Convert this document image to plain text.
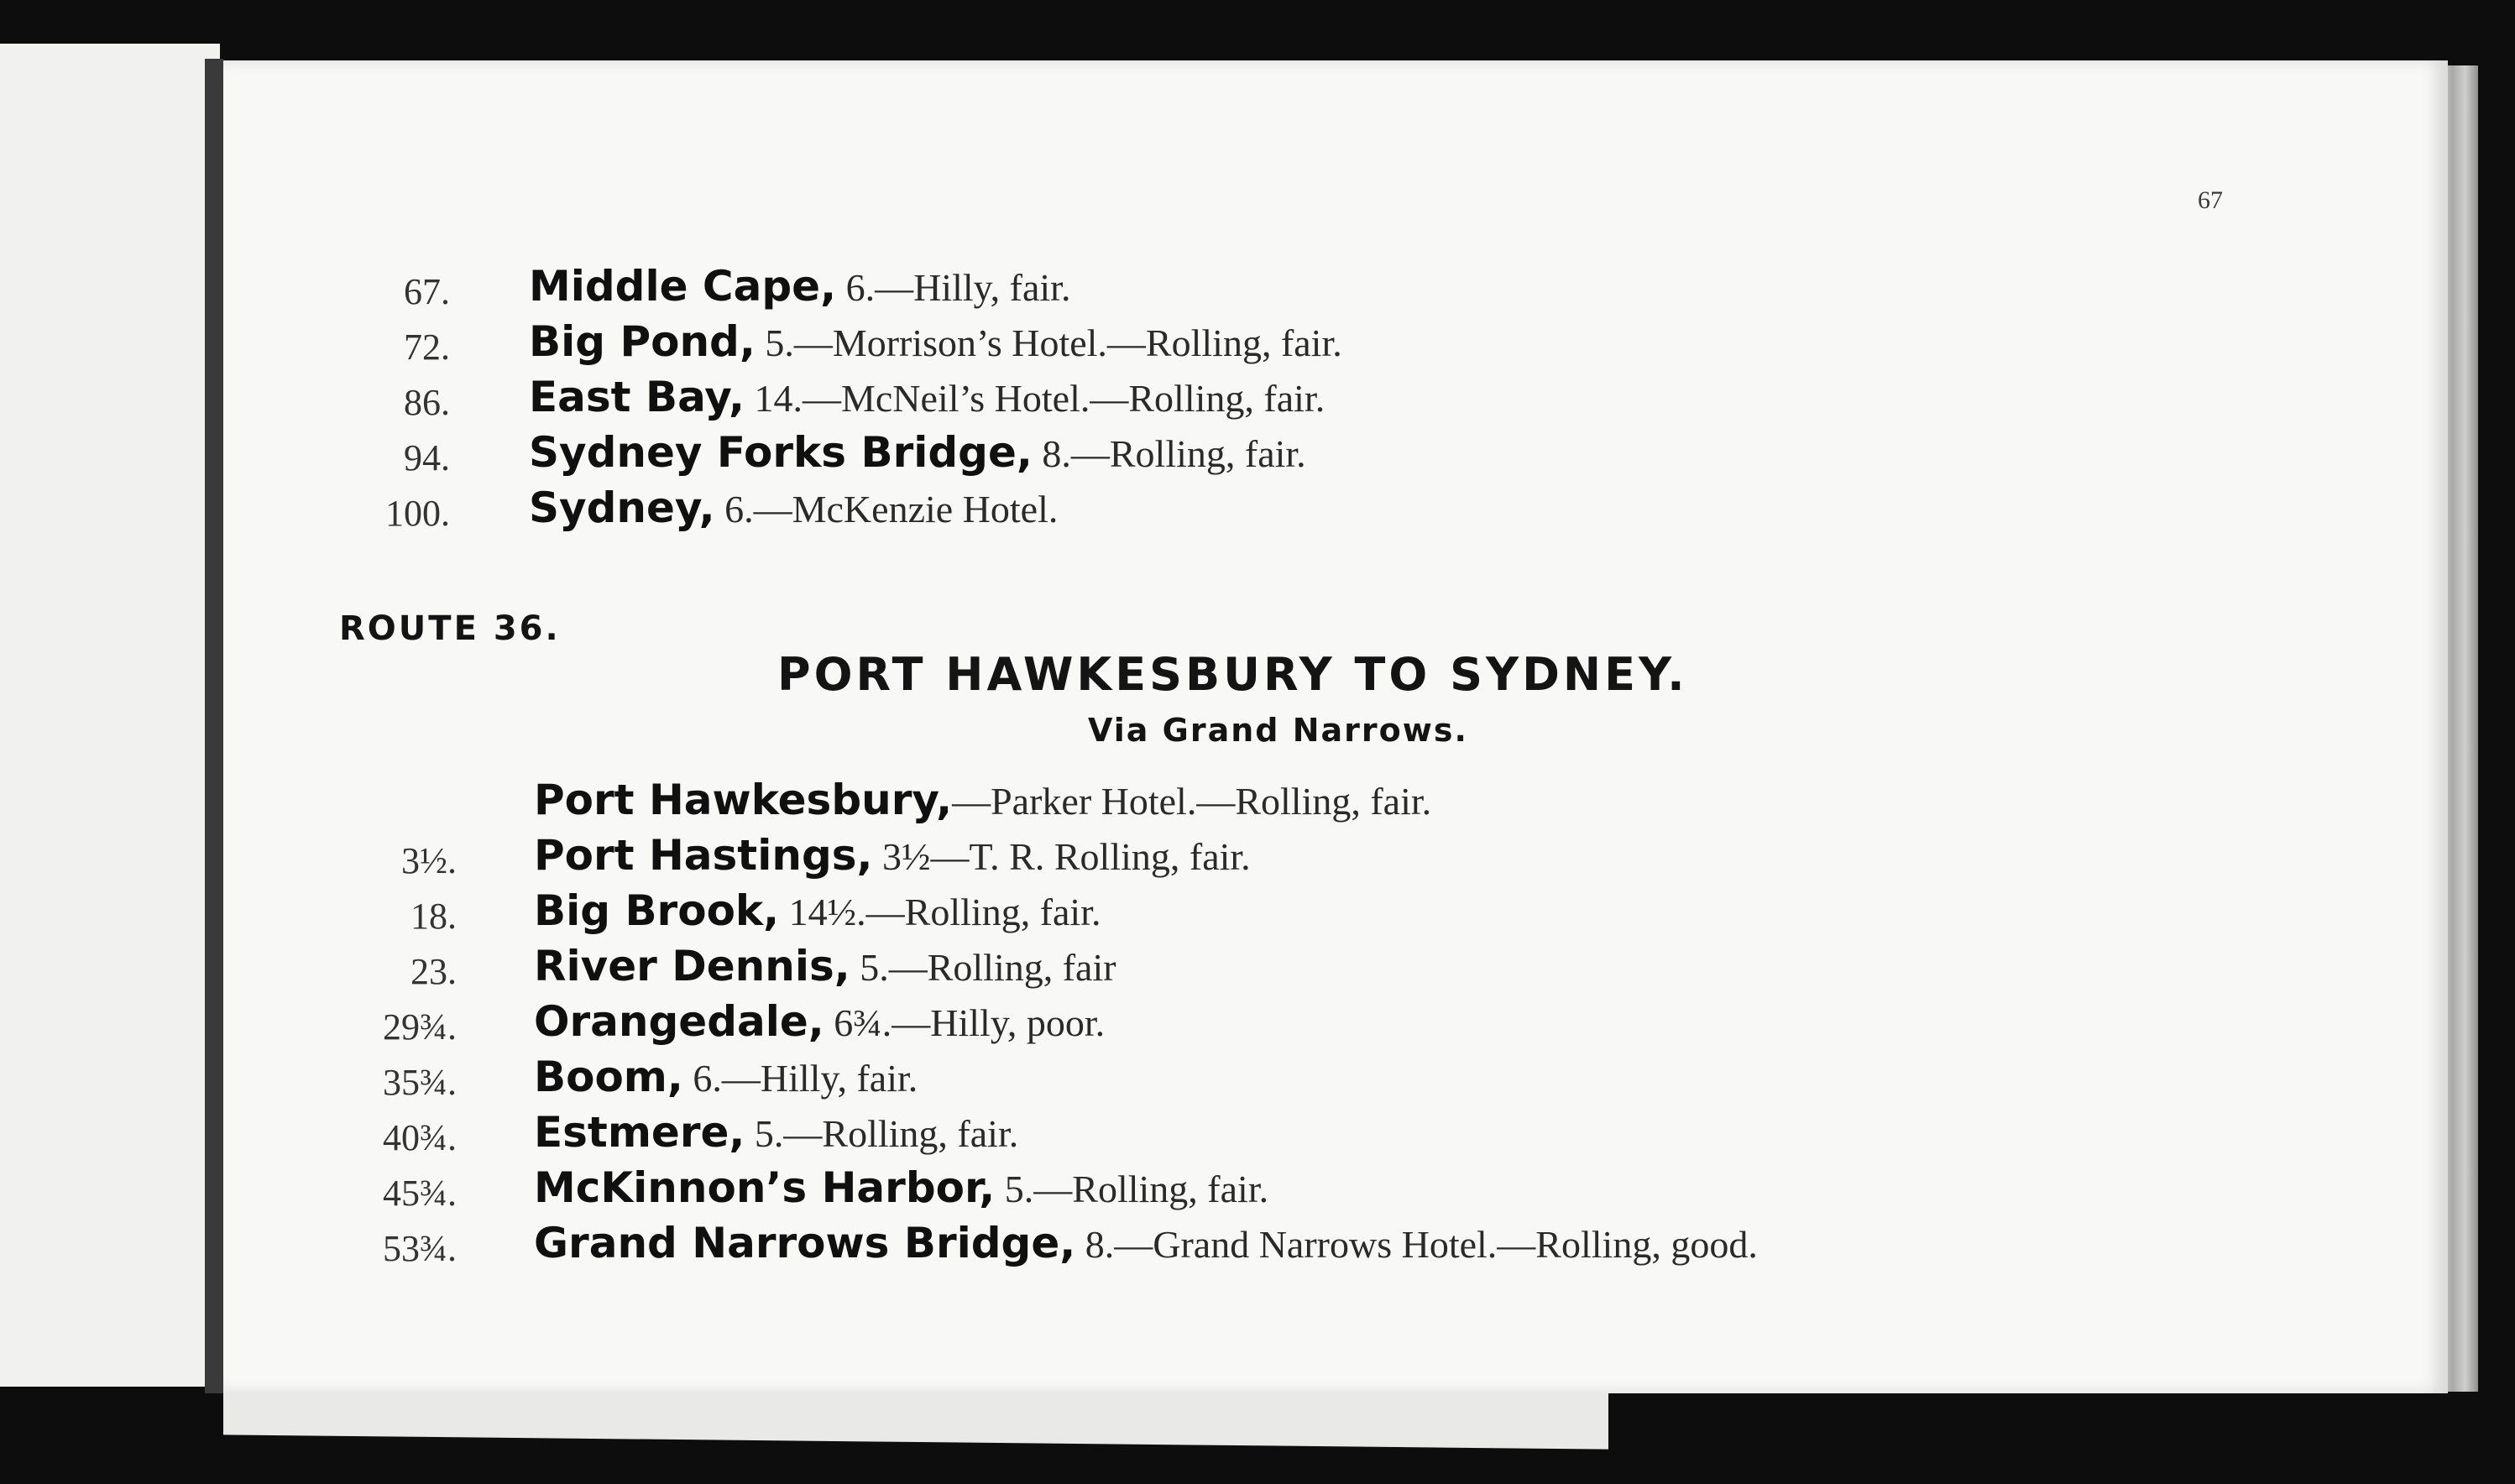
67
67. Middle Cape, 6.—Hilly, fair.
72. Big Pond, 5.—Morrison’s Hotel.—Rolling, fair.
86. East Bay, 14.—McNeil’s Hotel.—Rolling, fair.
94. Sydney Forks Bridge, 8.—Rolling, fair.
100. Sydney, 6.—McKenzie Hotel.
ROUTE 36.
PORT HAWKESBURY TO SYDNEY.
Via Grand Narrows.
Port Hawkesbury,—Parker Hotel.—Rolling, fair.
3½. Port Hastings, 3½—T. R. Rolling, fair.
18. Big Brook, 14½.—Rolling, fair.
23. River Dennis, 5.—Rolling, fair
29¾. Orangedale, 6¾.—Hilly, poor.
35¾. Boom, 6.—Hilly, fair.
40¾. Estmere, 5.—Rolling, fair.
45¾. McKinnon’s Harbor, 5.—Rolling, fair.
53¾. Grand Narrows Bridge, 8.—Grand Narrows Hotel.—Rolling, good.
